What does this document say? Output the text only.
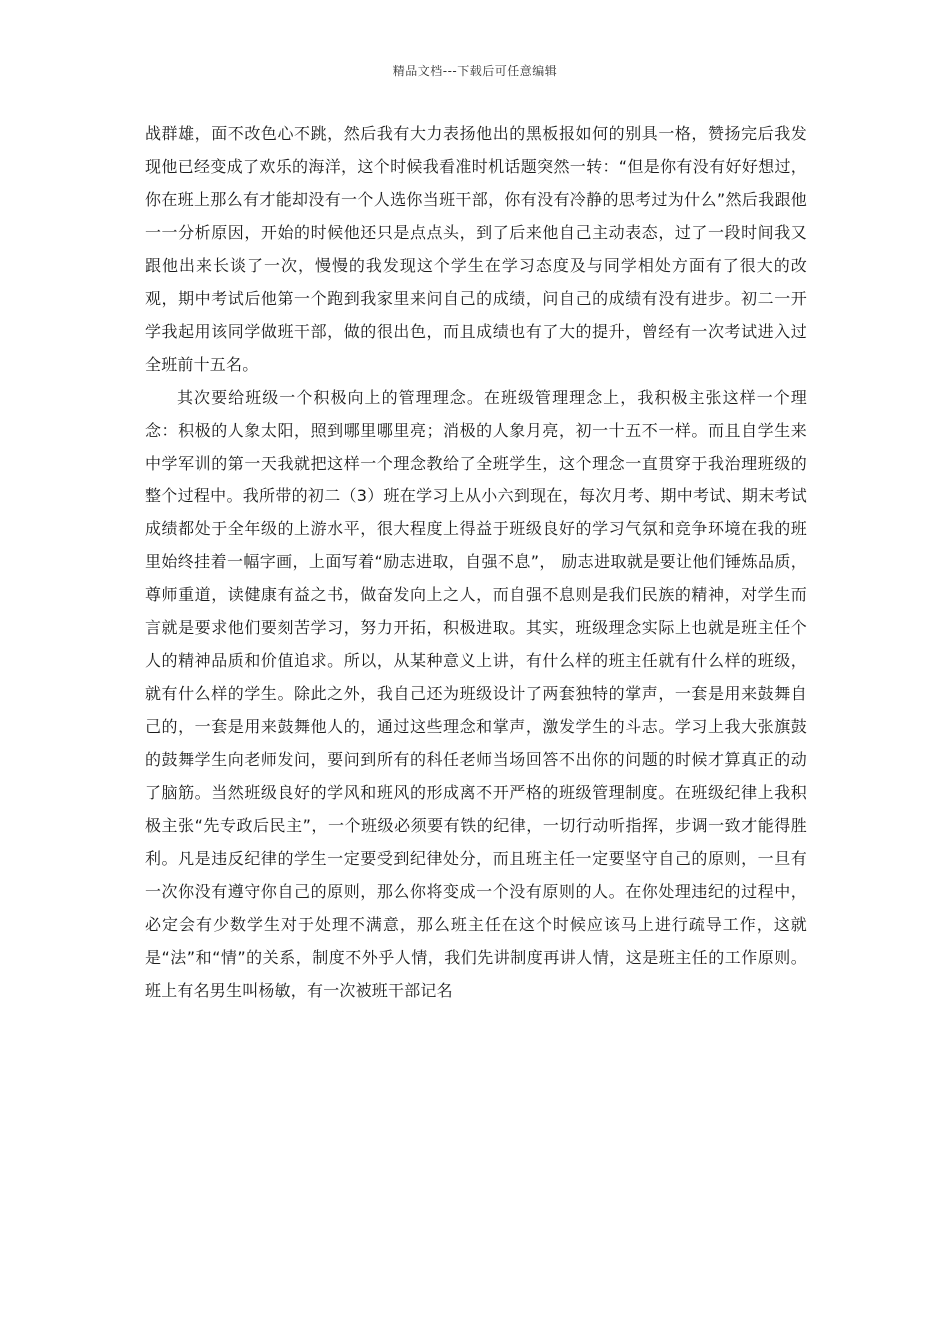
精品文档---下载后可任意编辑

战群雄，面不改色心不跳，然后我有大力表扬他出的黑板报如何的别具一格，赞扬完后我发现他已经变成了欢乐的海洋，这个时候我看准时机话题突然一转：“但是你有没有好好想过，你在班上那么有才能却没有一个人选你当班干部，你有没有冷静的思考过为什么”然后我跟他一一分析原因，开始的时候他还只是点点头，到了后来他自己主动表态，过了一段时间我又跟他出来长谈了一次，慢慢的我发现这个学生在学习态度及与同学相处方面有了很大的改观，期中考试后他第一个跑到我家里来问自己的成绩，问自己的成绩有没有进步。初二一开学我起用该同学做班干部，做的很出色，而且成绩也有了大的提升，曾经有一次考试进入过全班前十五名。

其次要给班级一个积极向上的管理理念。在班级管理理念上，我积极主张这样一个理念：积极的人象太阳，照到哪里哪里亮；消极的人象月亮，初一十五不一样。而且自学生来中学军训的第一天我就把这样一个理念教给了全班学生，这个理念一直贯穿于我治理班级的整个过程中。我所带的初二（3）班在学习上从小六到现在，每次月考、期中考试、期末考试成绩都处于全年级的上游水平，很大程度上得益于班级良好的学习气氛和竞争环境在我的班里始终挂着一幅字画，上面写着“励志进取，自强不息”， 励志进取就是要让他们锤炼品质，尊师重道，读健康有益之书，做奋发向上之人，而自强不息则是我们民族的精神，对学生而言就是要求他们要刻苦学习，努力开拓，积极进取。其实，班级理念实际上也就是班主任个人的精神品质和价值追求。所以，从某种意义上讲，有什么样的班主任就有什么样的班级，就有什么样的学生。除此之外，我自己还为班级设计了两套独特的掌声，一套是用来鼓舞自己的，一套是用来鼓舞他人的，通过这些理念和掌声，激发学生的斗志。学习上我大张旗鼓的鼓舞学生向老师发问，要问到所有的科任老师当场回答不出你的问题的时候才算真正的动了脑筋。当然班级良好的学风和班风的形成离不开严格的班级管理制度。在班级纪律上我积极主张“先专政后民主”，一个班级必须要有铁的纪律，一切行动听指挥，步调一致才能得胜利。凡是违反纪律的学生一定要受到纪律处分，而且班主任一定要坚守自己的原则，一旦有一次你没有遵守你自己的原则，那么你将变成一个没有原则的人。在你处理违纪的过程中，必定会有少数学生对于处理不满意，那么班主任在这个时候应该马上进行疏导工作，这就是“法”和“情”的关系，制度不外乎人情，我们先讲制度再讲人情，这是班主任的工作原则。班上有名男生叫杨敏，有一次被班干部记名
